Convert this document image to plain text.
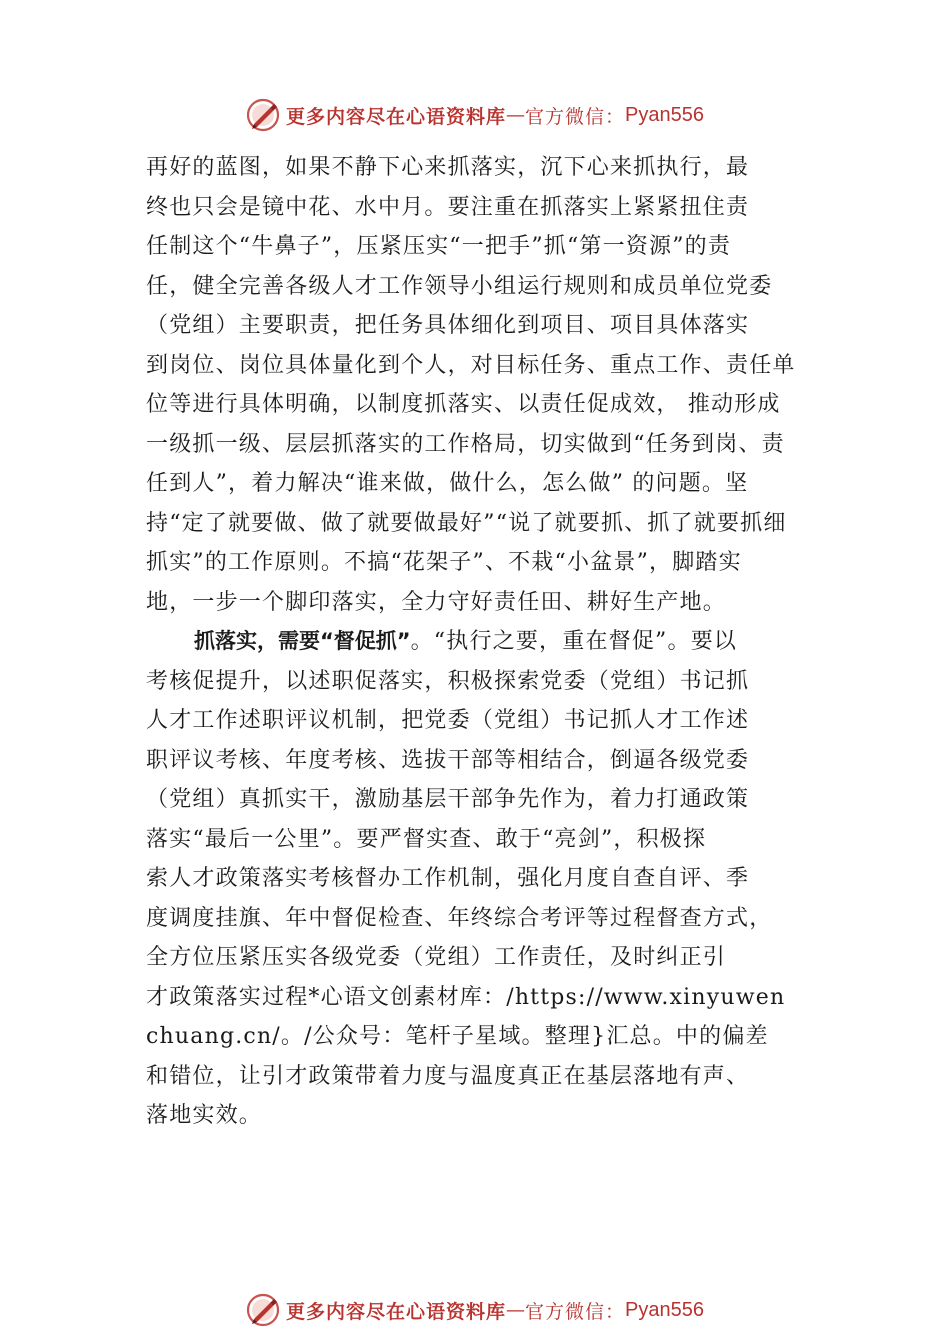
更多内容尽在心语资料库 — 官方微信： Pyan556
再好的蓝图，如果不静下心来抓落实，沉下心来抓执行，最
终也只会是镜中花、水中月。要注重在抓落实上紧紧扭住责
任制这个“牛鼻子”，压紧压实“一把手”抓“第一资源”的责
任，健全完善各级人才工作领导小组运行规则和成员单位党委
（党组）主要职责，把任务具体细化到项目、项目具体落实
到岗位、岗位具体量化到个人，对目标任务、重点工作、责任单
位等进行具体明确，以制度抓落实、以责任促成效， 推动形成
一级抓一级、层层抓落实的工作格局，切实做到“任务到岗、责
任到人”，着力解决“谁来做，做什么，怎么做” 的问题。坚
持“定了就要做、做了就要做最好”“说了就要抓、抓了就要抓细
抓实”的工作原则。不搞“花架子”、不栽“小盆景”，脚踏实
地，一步一个脚印落实，全力守好责任田、耕好生产地。
抓落实，需要“督促抓”。“执行之要，重在督促”。要以
考核促提升，以述职促落实，积极探索党委（党组）书记抓
人才工作述职评议机制，把党委（党组）书记抓人才工作述
职评议考核、年度考核、选拔干部等相结合，倒逼各级党委
（党组）真抓实干，激励基层干部争先作为，着力打通政策
落实“最后一公里”。要严督实查、敢于“亮剑”，积极探
索人才政策落实考核督办工作机制，强化月度自查自评、季
度调度挂旗、年中督促检查、年终综合考评等过程督查方式，
全方位压紧压实各级党委（党组）工作责任，及时纠正引
才政策落实过程*心语文创素材库：/https://www.xinyuwen
chuang.cn/。/公众号：笔杆子星域。整理}汇总。中的偏差
和错位，让引才政策带着力度与温度真正在基层落地有声、
落地实效。
更多内容尽在心语资料库 — 官方微信： Pyan556
